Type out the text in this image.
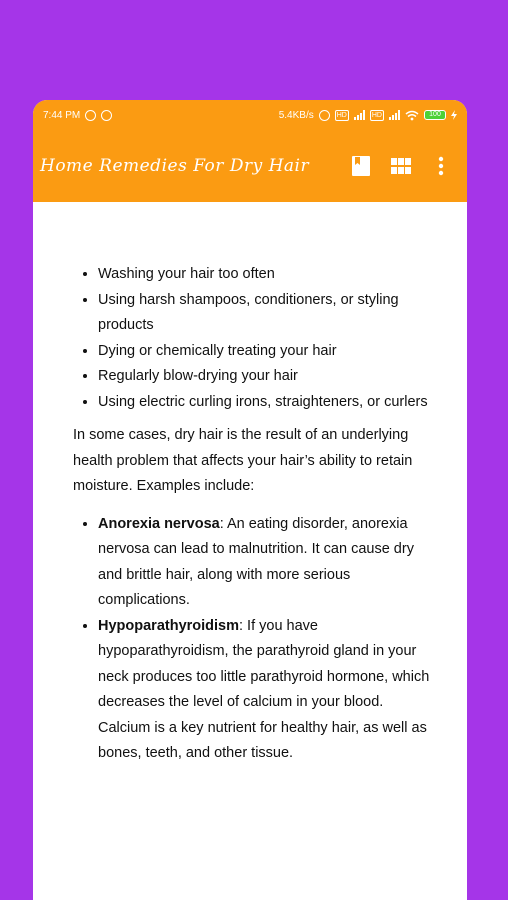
7:44 PM	5.4KB/s	HD	HD	100
Home Remedies For Dry Hair
• Washing your hair too often
• Using harsh shampoos, conditioners, or styling products
• Dying or chemically treating your hair
• Regularly blow-drying your hair
• Using electric curling irons, straighteners, or curlers

In some cases, dry hair is the result of an underlying health problem that affects your hair’s ability to retain moisture. Examples include:

• Anorexia nervosa: An eating disorder, anorexia nervosa can lead to malnutrition. It can cause dry and brittle hair, along with more serious complications.
• Hypoparathyroidism: If you have hypoparathyroidism, the parathyroid gland in your neck produces too little parathyroid hormone, which decreases the level of calcium in your blood. Calcium is a key nutrient for healthy hair, as well as bones, teeth, and other tissue.
